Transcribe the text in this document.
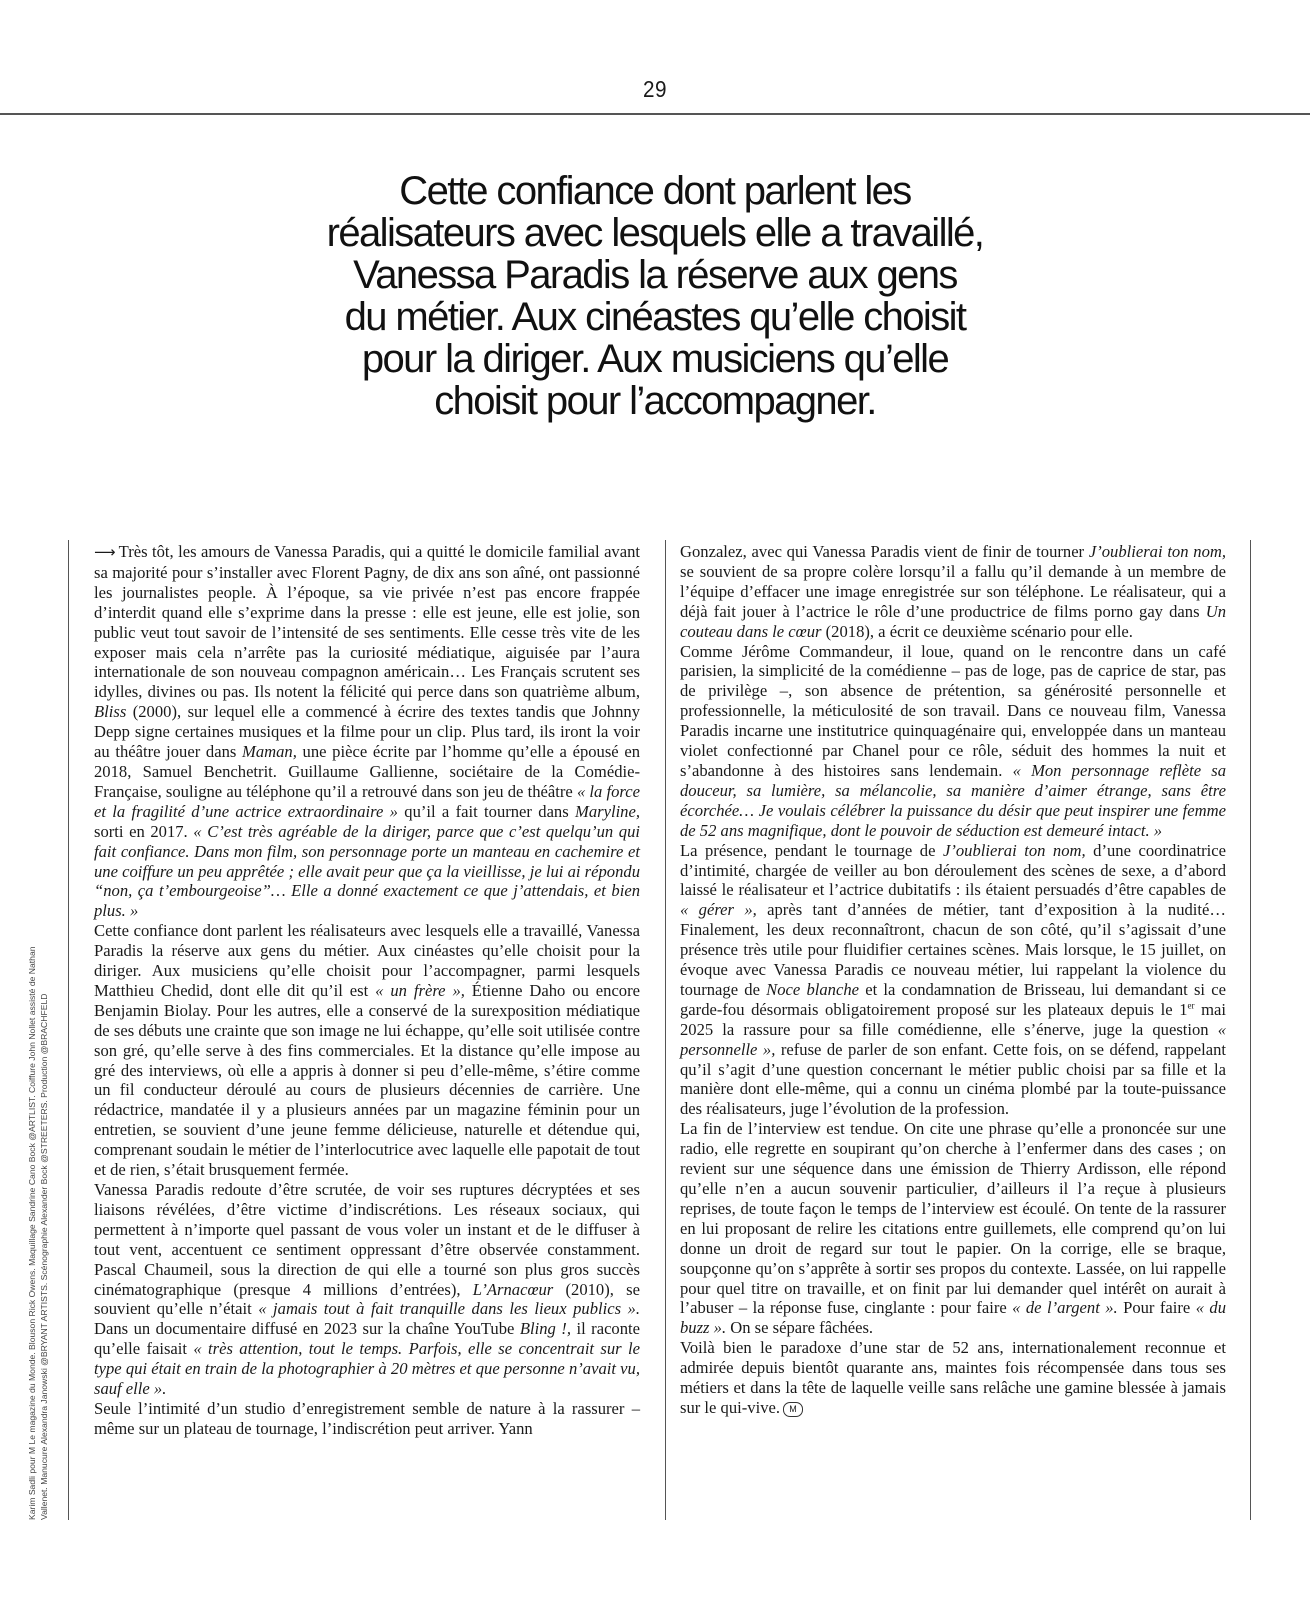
29
Cette confiance dont parlent les
réalisateurs avec lesquels elle a travaillé,
Vanessa Paradis la réserve aux gens
du métier. Aux cinéastes qu’elle choisit
pour la diriger. Aux musiciens qu’elle
choisit pour l’accompagner.
Karim Sadli pour M Le magazine du Monde. Blouson Rick Owens. Maquillage Sandrine Cano Bock @ARTLIST. Coiffure John Nollet assisté de Nathan Vallenet. Manucure Alexandra Janowski @BRYANT ARTISTS. Scénographie Alexander Bock @STREETERS. Production @BRACHFELD

⟶ Très tôt, les amours de Vanessa Paradis, qui a quitté le domicile familial avant sa majorité pour s’installer avec Florent Pagny, de dix ans son aîné, ont passionné les journalistes people. À l’époque, sa vie privée n’est pas encore frappée d’interdit quand elle s’exprime dans la presse : elle est jeune, elle est jolie, son public veut tout savoir de l’intensité de ses sentiments. Elle cesse très vite de les exposer mais cela n’arrête pas la curiosité médiatique, aiguisée par l’aura internationale de son nouveau compagnon américain… Les Français scrutent ses idylles, divines ou pas. Ils notent la félicité qui perce dans son quatrième album, Bliss (2000), sur lequel elle a commencé à écrire des textes tandis que Johnny Depp signe certaines musiques et la filme pour un clip. Plus tard, ils iront la voir au théâtre jouer dans Maman, une pièce écrite par l’homme qu’elle a épousé en 2018, Samuel Benchetrit. Guillaume Gallienne, sociétaire de la Comédie-Française, souligne au téléphone qu’il a retrouvé dans son jeu de théâtre « la force et la fragilité d’une actrice extraordinaire » qu’il a fait tourner dans Maryline, sorti en 2017. « C’est très agréable de la diriger, parce que c’est quelqu’un qui fait confiance. Dans mon film, son personnage porte un manteau en cachemire et une coiffure un peu apprêtée ; elle avait peur que ça la vieillisse, je lui ai répondu “non, ça t’embourgeoise”… Elle a donné exactement ce que j’attendais, et bien plus. »

Cette confiance dont parlent les réalisateurs avec lesquels elle a travaillé, Vanessa Paradis la réserve aux gens du métier. Aux cinéastes qu’elle choisit pour la diriger. Aux musiciens qu’elle choisit pour l’accompagner, parmi lesquels Matthieu Chedid, dont elle dit qu’il est « un frère », Étienne Daho ou encore Benjamin Biolay. Pour les autres, elle a conservé de la surexposition médiatique de ses débuts une crainte que son image ne lui échappe, qu’elle soit utilisée contre son gré, qu’elle serve à des fins commerciales. Et la distance qu’elle impose au gré des interviews, où elle a appris à donner si peu d’elle-même, s’étire comme un fil conducteur déroulé au cours de plusieurs décennies de carrière. Une rédactrice, mandatée il y a plusieurs années par un magazine féminin pour un entretien, se souvient d’une jeune femme délicieuse, naturelle et détendue qui, comprenant soudain le métier de l’interlocutrice avec laquelle elle papotait de tout et de rien, s’était brusquement fermée.

Vanessa Paradis redoute d’être scrutée, de voir ses ruptures décryptées et ses liaisons révélées, d’être victime d’indiscrétions. Les réseaux sociaux, qui permettent à n’importe quel passant de vous voler un instant et de le diffuser à tout vent, accentuent ce sentiment oppressant d’être observée constamment. Pascal Chaumeil, sous la direction de qui elle a tourné son plus gros succès cinématographique (presque 4 millions d’entrées), L’Arnacœur (2010), se souvient qu’elle n’était « jamais tout à fait tranquille dans les lieux publics ». Dans un documentaire diffusé en 2023 sur la chaîne YouTube Bling !, il raconte qu’elle faisait « très attention, tout le temps. Parfois, elle se concentrait sur le type qui était en train de la photographier à 20 mètres et que personne n’avait vu, sauf elle ».

Seule l’intimité d’un studio d’enregistrement semble de nature à la rassurer – même sur un plateau de tournage, l’indiscrétion peut arriver. Yann

Gonzalez, avec qui Vanessa Paradis vient de finir de tourner J’oublierai ton nom, se souvient de sa propre colère lorsqu’il a fallu qu’il demande à un membre de l’équipe d’effacer une image enregistrée sur son téléphone. Le réalisateur, qui a déjà fait jouer à l’actrice le rôle d’une productrice de films porno gay dans Un couteau dans le cœur (2018), a écrit ce deuxième scénario pour elle.

Comme Jérôme Commandeur, il loue, quand on le rencontre dans un café parisien, la simplicité de la comédienne – pas de loge, pas de caprice de star, pas de privilège –, son absence de prétention, sa générosité personnelle et professionnelle, la méticulosité de son travail. Dans ce nouveau film, Vanessa Paradis incarne une institutrice quinquagénaire qui, enveloppée dans un manteau violet confectionné par Chanel pour ce rôle, séduit des hommes la nuit et s’abandonne à des histoires sans lendemain. « Mon personnage reflète sa douceur, sa lumière, sa mélancolie, sa manière d’aimer étrange, sans être écorchée… Je voulais célébrer la puissance du désir que peut inspirer une femme de 52 ans magnifique, dont le pouvoir de séduction est demeuré intact. »

La présence, pendant le tournage de J’oublierai ton nom, d’une coordinatrice d’intimité, chargée de veiller au bon déroulement des scènes de sexe, a d’abord laissé le réalisateur et l’actrice dubitatifs : ils étaient persuadés d’être capables de « gérer », après tant d’années de métier, tant d’exposition à la nudité… Finalement, les deux reconnaîtront, chacun de son côté, qu’il s’agissait d’une présence très utile pour fluidifier certaines scènes. Mais lorsque, le 15 juillet, on évoque avec Vanessa Paradis ce nouveau métier, lui rappelant la violence du tournage de Noce blanche et la condamnation de Brisseau, lui demandant si ce garde-fou désormais obligatoirement proposé sur les plateaux depuis le 1er mai 2025 la rassure pour sa fille comédienne, elle s’énerve, juge la question « personnelle », refuse de parler de son enfant. Cette fois, on se défend, rappelant qu’il s’agit d’une question concernant le métier public choisi par sa fille et la manière dont elle-même, qui a connu un cinéma plombé par la toute-puissance des réalisateurs, juge l’évolution de la profession.

La fin de l’interview est tendue. On cite une phrase qu’elle a prononcée sur une radio, elle regrette en soupirant qu’on cherche à l’enfermer dans des cases ; on revient sur une séquence dans une émission de Thierry Ardisson, elle répond qu’elle n’en a aucun souvenir particulier, d’ailleurs il l’a reçue à plusieurs reprises, de toute façon le temps de l’interview est écoulé. On tente de la rassurer en lui proposant de relire les citations entre guillemets, elle comprend qu’on lui donne un droit de regard sur tout le papier. On la corrige, elle se braque, soupçonne qu’on s’apprête à sortir ses propos du contexte. Lassée, on lui rappelle pour quel titre on travaille, et on finit par lui demander quel intérêt on aurait à l’abuser – la réponse fuse, cinglante : pour faire « de l’argent ». Pour faire « du buzz ». On se sépare fâchées.

Voilà bien le paradoxe d’une star de 52 ans, internationalement reconnue et admirée depuis bientôt quarante ans, maintes fois récompensée dans tous ses métiers et dans la tête de laquelle veille sans relâche une gamine blessée à jamais sur le qui-vive. M
